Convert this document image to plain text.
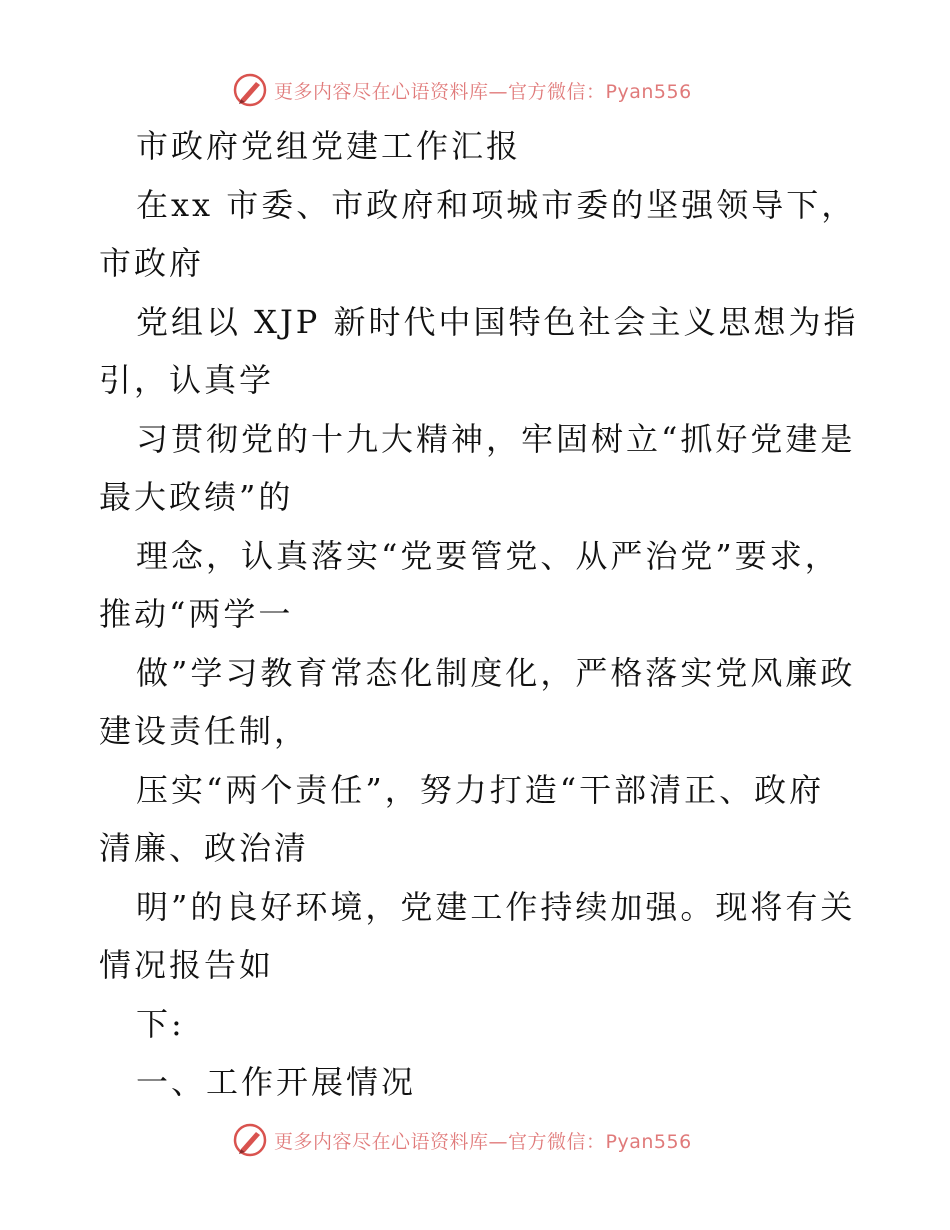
更多内容尽在心语资料库—官方微信：Pyan556
市政府党组党建工作汇报
在xx 市委、市政府和项城市委的坚强领导下，
市政府
党组以 XJP 新时代中国特色社会主义思想为指
引，认真学
习贯彻党的十九大精神，牢固树立“抓好党建是
最大政绩”的
理念，认真落实“党要管党、从严治党”要求，
推动“两学一
做”学习教育常态化制度化，严格落实党风廉政
建设责任制，
压实“两个责任”，努力打造“干部清正、政府
清廉、政治清
明”的良好环境，党建工作持续加强。现将有关
情况报告如
下:
一、工作开展情况
更多内容尽在心语资料库—官方微信：Pyan556
